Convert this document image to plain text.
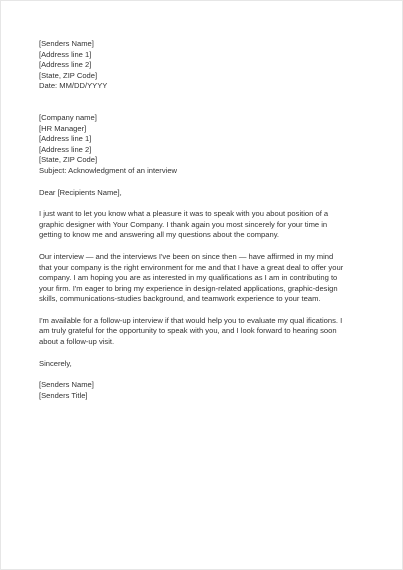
[Senders Name]
[Address line 1]
[Address line 2]
[State, ZIP Code]
Date: MM/DD/YYYY
[Company name]
[HR Manager]
[Address line 1]
[Address line 2]
[State, ZIP Code]
Subject: Acknowledgment of an interview
Dear [Recipients Name],
I just want to let you know what a pleasure it was to speak with you about position of a
graphic designer with Your Company. I thank again you most sincerely for your time in
getting to know me and answering all my questions about the company.
Our interview — and the interviews I've been on since then — have affirmed in my mind
that your company is the right environment for me and that I have a great deal to offer your
company. I am hoping you are as interested in my qualifications as I am in contributing to
your firm. I'm eager to bring my experience in design-related applications, graphic-design
skills, communications-studies background, and teamwork experience to your team.
I'm available for a follow-up interview if that would help you to evaluate my qual ifications. I
am truly grateful for the opportunity to speak with you, and I look forward to hearing soon
about a follow-up visit.
Sincerely,
[Senders Name]
[Senders Title]
